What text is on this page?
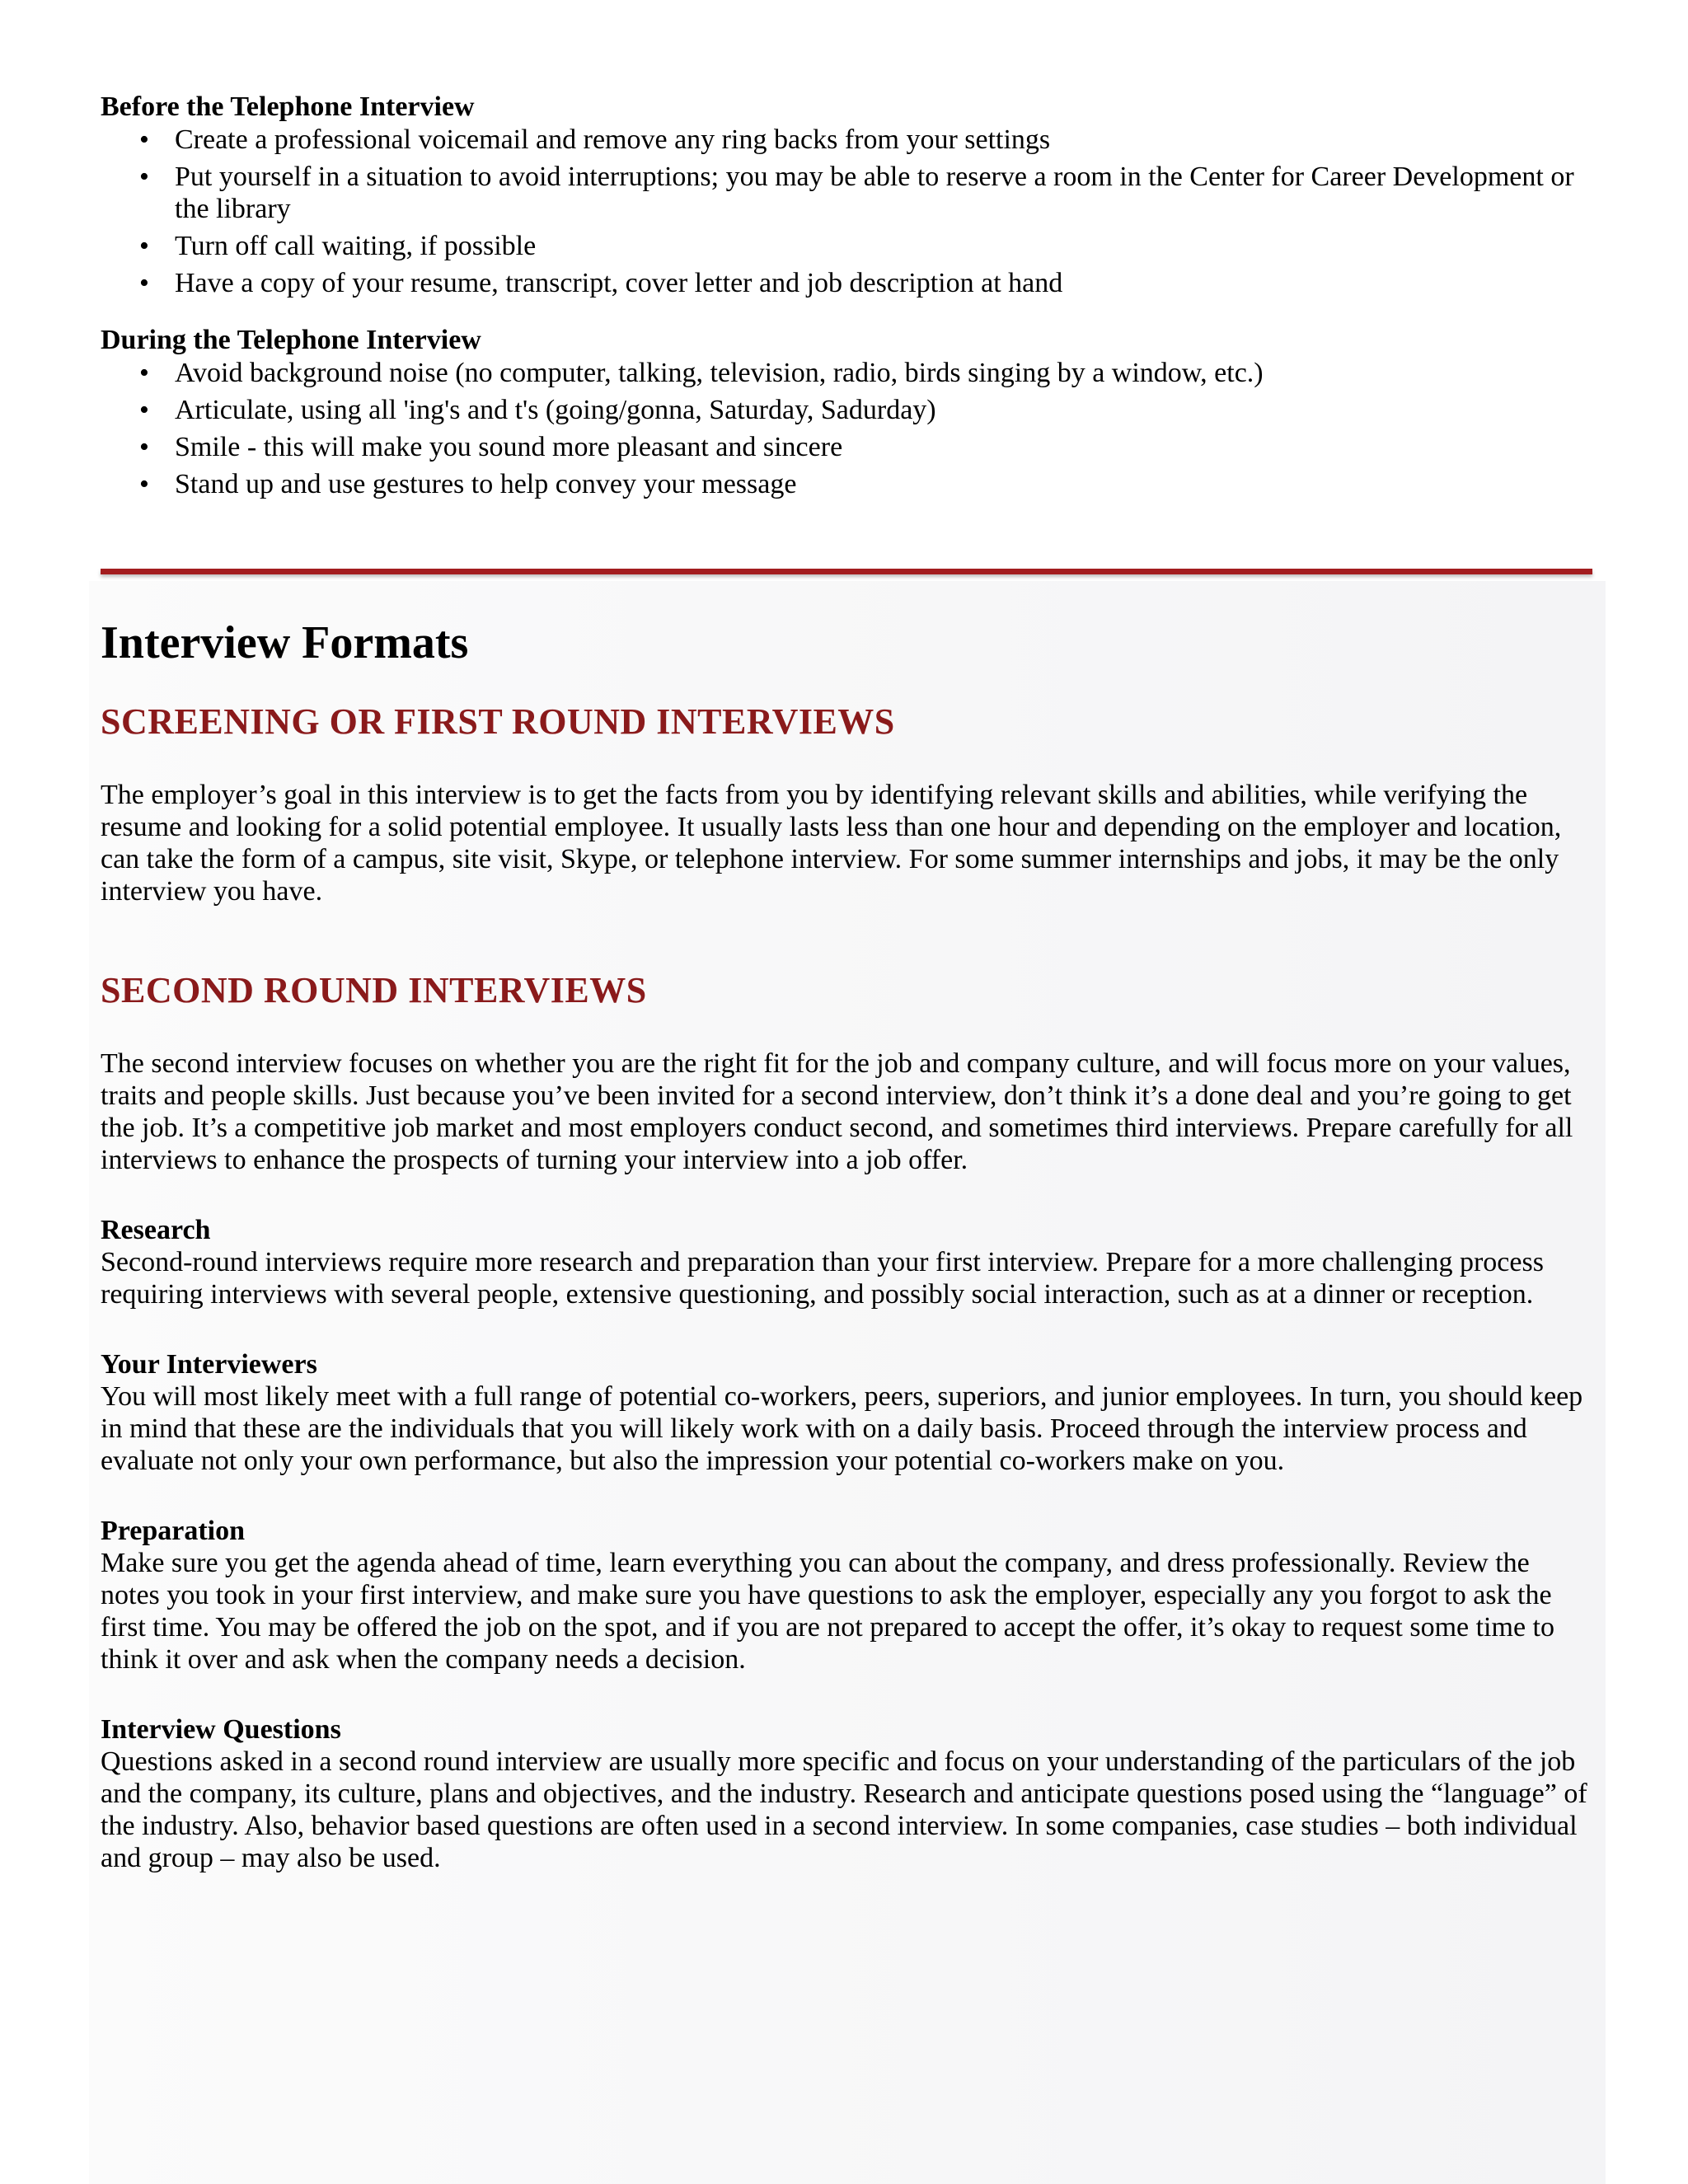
Before the Telephone Interview

• Create a professional voicemail and remove any ring backs from your settings
• Put yourself in a situation to avoid interruptions; you may be able to reserve a room in the Center for Career Development or the library
• Turn off call waiting, if possible
• Have a copy of your resume, transcript, cover letter and job description at hand

During the Telephone Interview

• Avoid background noise (no computer, talking, television, radio, birds singing by a window, etc.)
• Articulate, using all 'ing's and t's (going/gonna, Saturday, Sadurday)
• Smile - this will make you sound more pleasant and sincere
• Stand up and use gestures to help convey your message
Interview Formats
SCREENING OR FIRST ROUND INTERVIEWS

The employer’s goal in this interview is to get the facts from you by identifying relevant skills and abilities, while verifying the resume and looking for a solid potential employee. It usually lasts less than one hour and depending on the employer and location, can take the form of a campus, site visit, Skype, or telephone interview. For some summer internships and jobs, it may be the only interview you have.

SECOND ROUND INTERVIEWS

The second interview focuses on whether you are the right fit for the job and company culture, and will focus more on your values, traits and people skills. Just because you’ve been invited for a second interview, don’t think it’s a done deal and you’re going to get the job. It’s a competitive job market and most employers conduct second, and sometimes third interviews. Prepare carefully for all interviews to enhance the prospects of turning your interview into a job offer.

Research

Second-round interviews require more research and preparation than your first interview. Prepare for a more challenging process requiring interviews with several people, extensive questioning, and possibly social interaction, such as at a dinner or reception.

Your Interviewers

You will most likely meet with a full range of potential co-workers, peers, superiors, and junior employees. In turn, you should keep in mind that these are the individuals that you will likely work with on a daily basis. Proceed through the interview process and evaluate not only your own performance, but also the impression your potential co-workers make on you.

Preparation

Make sure you get the agenda ahead of time, learn everything you can about the company, and dress professionally. Review the notes you took in your first interview, and make sure you have questions to ask the employer, especially any you forgot to ask the first time. You may be offered the job on the spot, and if you are not prepared to accept the offer, it’s okay to request some time to think it over and ask when the company needs a decision.

Interview Questions

Questions asked in a second round interview are usually more specific and focus on your understanding of the particulars of the job and the company, its culture, plans and objectives, and the industry. Research and anticipate questions posed using the “language” of the industry. Also, behavior based questions are often used in a second interview. In some companies, case studies – both individual and group – may also be used.
